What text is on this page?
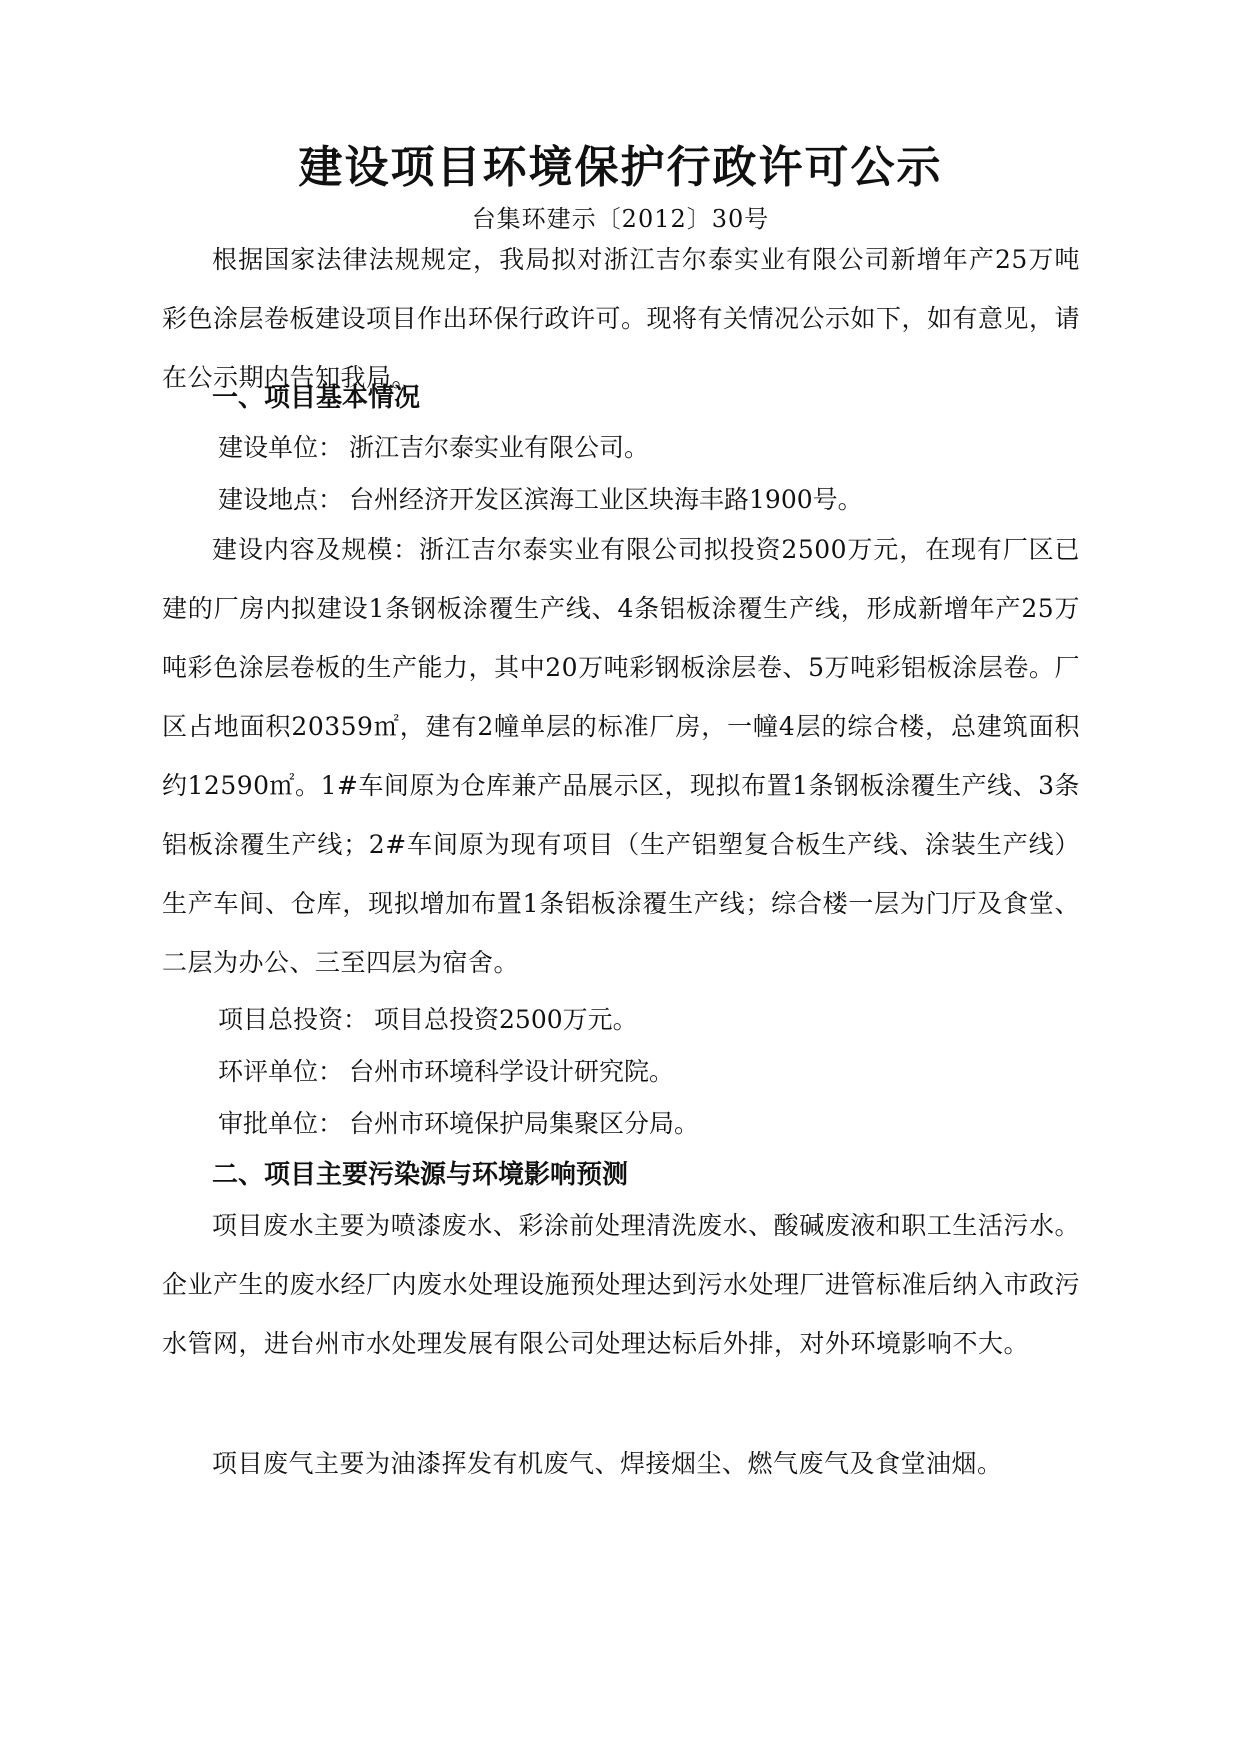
建设项目环境保护行政许可公示
台集环建示〔2012〕30号

根据国家法律法规规定，我局拟对浙江吉尔泰实业有限公司新增年产25万吨彩色涂层卷板建设项目作出环保行政许可。现将有关情况公示如下，如有意见，请在公示期内告知我局。

一、项目基本情况
建设单位： 浙江吉尔泰实业有限公司。
建设地点： 台州经济开发区滨海工业区块海丰路1900号。

建设内容及规模：浙江吉尔泰实业有限公司拟投资2500万元，在现有厂区已建的厂房内拟建设1条钢板涂覆生产线、4条铝板涂覆生产线，形成新增年产25万吨彩色涂层卷板的生产能力，其中20万吨彩钢板涂层卷、5万吨彩铝板涂层卷。厂区占地面积20359㎡，建有2幢单层的标准厂房，一幢4层的综合楼，总建筑面积约12590㎡。1#车间原为仓库兼产品展示区，现拟布置1条钢板涂覆生产线、3条铝板涂覆生产线；2#车间原为现有项目（生产铝塑复合板生产线、涂装生产线）生产车间、仓库，现拟增加布置1条铝板涂覆生产线；综合楼一层为门厅及食堂、二层为办公、三至四层为宿舍。

项目总投资： 项目总投资2500万元。
环评单位： 台州市环境科学设计研究院。
审批单位： 台州市环境保护局集聚区分局。
二、项目主要污染源与环境影响预测

项目废水主要为喷漆废水、彩涂前处理清洗废水、酸碱废液和职工生活污水。企业产生的废水经厂内废水处理设施预处理达到污水处理厂进管标准后纳入市政污水管网，进台州市水处理发展有限公司处理达标后外排，对外环境影响不大。

项目废气主要为油漆挥发有机废气、焊接烟尘、燃气废气及食堂油烟。
